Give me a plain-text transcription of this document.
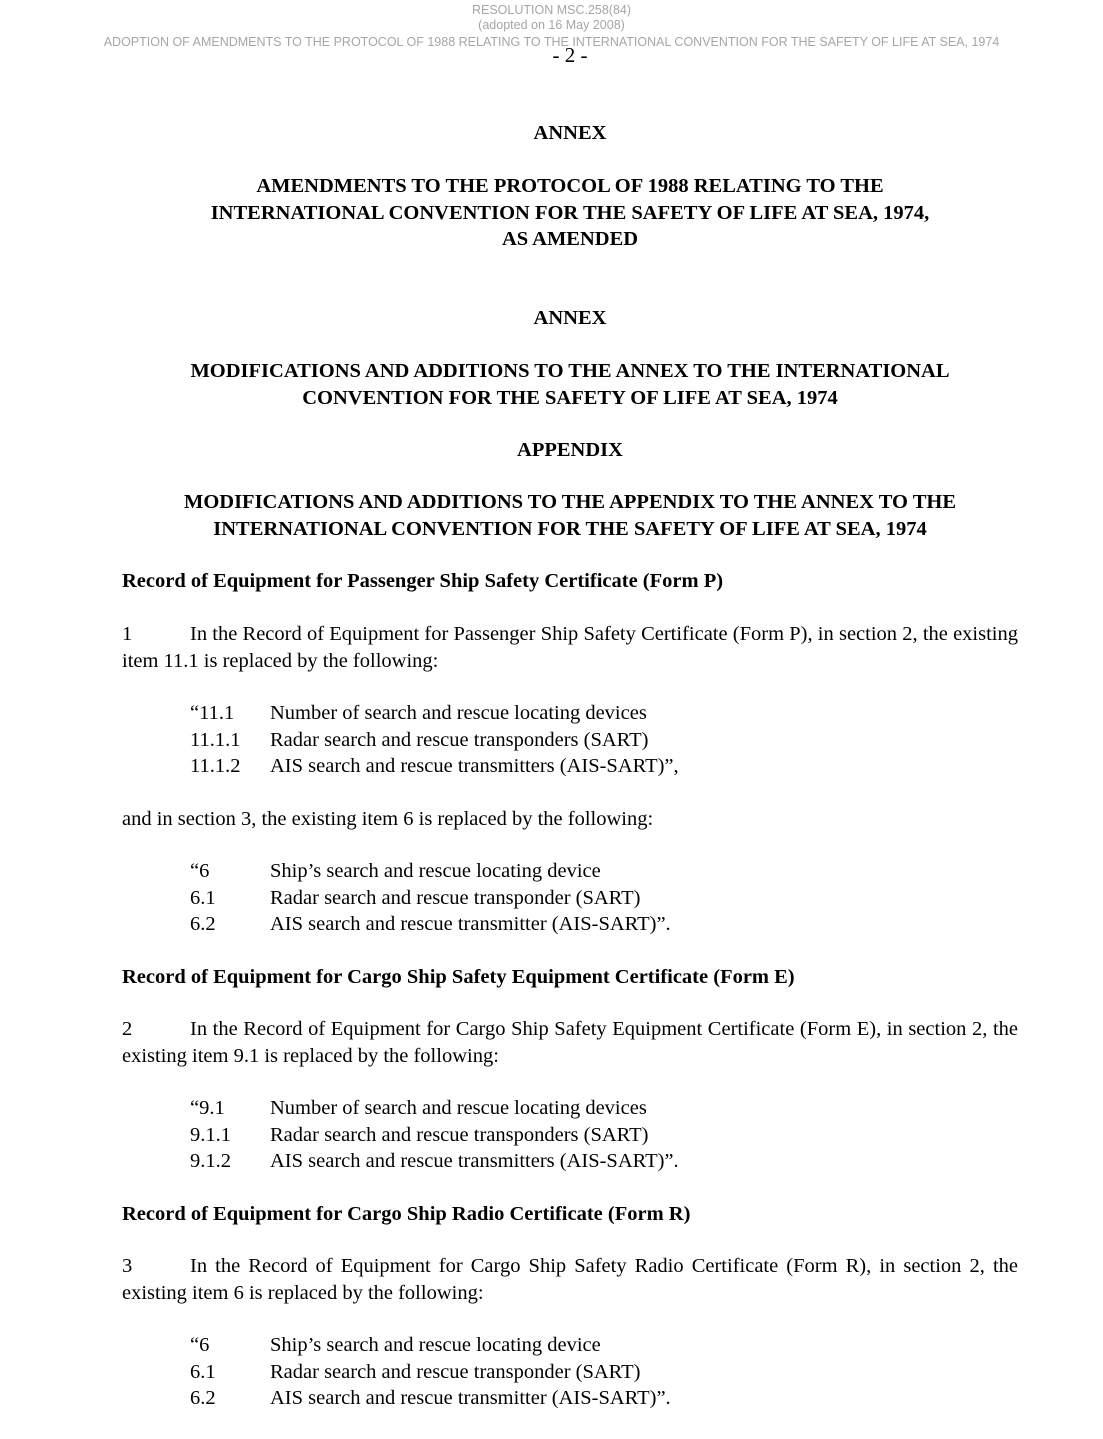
RESOLUTION MSC.258(84)
(adopted on 16 May 2008)
ADOPTION OF AMENDMENTS TO THE PROTOCOL OF 1988 RELATING TO THE INTERNATIONAL CONVENTION FOR THE SAFETY OF LIFE AT SEA, 1974
- 2 -
ANNEX
AMENDMENTS TO THE PROTOCOL OF 1988 RELATING TO THE
INTERNATIONAL CONVENTION FOR THE SAFETY OF LIFE AT SEA, 1974,
AS AMENDED
ANNEX
MODIFICATIONS AND ADDITIONS TO THE ANNEX TO THE INTERNATIONAL
CONVENTION FOR THE SAFETY OF LIFE AT SEA, 1974
APPENDIX
MODIFICATIONS AND ADDITIONS TO THE APPENDIX TO THE ANNEX TO THE
INTERNATIONAL CONVENTION FOR THE SAFETY OF LIFE AT SEA, 1974
Record of Equipment for Passenger Ship Safety Certificate (Form P)
1	In the Record of Equipment for Passenger Ship Safety Certificate (Form P), in section 2, the existing item 11.1 is replaced by the following:
“11.1 Number of search and rescue locating devices
11.1.1 Radar search and rescue transponders (SART)
11.1.2 AIS search and rescue transmitters (AIS-SART)”,
and in section 3, the existing item 6 is replaced by the following:
“6	Ship’s search and rescue locating device
6.1	Radar search and rescue transponder (SART)
6.2	AIS search and rescue transmitter (AIS-SART)”.
Record of Equipment for Cargo Ship Safety Equipment Certificate (Form E)
2	In the Record of Equipment for Cargo Ship Safety Equipment Certificate (Form E), in section 2, the existing item 9.1 is replaced by the following:
“9.1 Number of search and rescue locating devices
9.1.1 Radar search and rescue transponders (SART)
9.1.2 AIS search and rescue transmitters (AIS-SART)”.
Record of Equipment for Cargo Ship Radio Certificate (Form R)
3	In the Record of Equipment for Cargo Ship Safety Radio Certificate (Form R), in section 2, the existing item 6 is replaced by the following:
“6	Ship’s search and rescue locating device
6.1	Radar search and rescue transponder (SART)
6.2	AIS search and rescue transmitter (AIS-SART)”.
